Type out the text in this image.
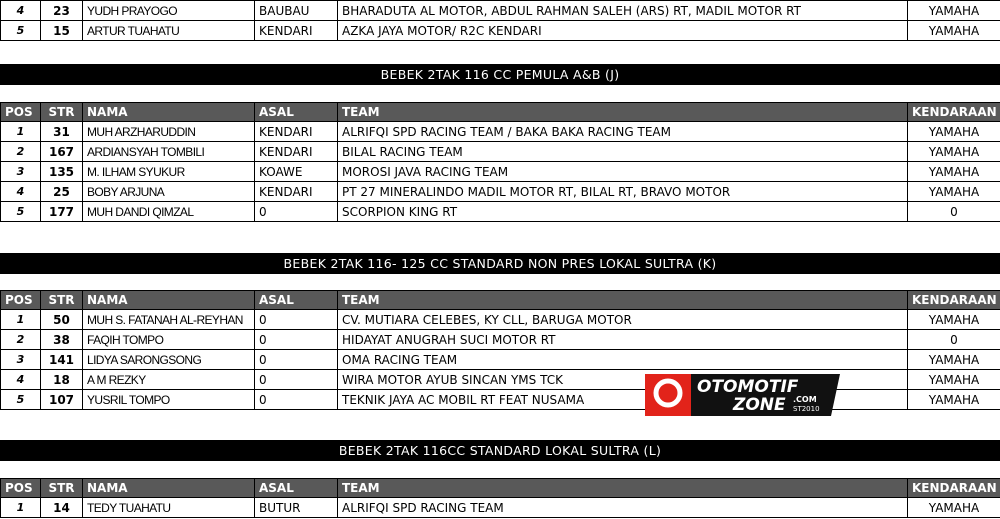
4	23	YUDH PRAYOGO	BAUBAU	BHARADUTA AL MOTOR, ABDUL RAHMAN SALEH (ARS) RT, MADIL MOTOR RT	YAMAHA
5	15	ARTUR TUAHATU	KENDARI	AZKA JAYA MOTOR/ R2C KENDARI	YAMAHA
BEBEK 2TAK 116 CC PEMULA A&B (J)
POS	STR	NAMA	ASAL	TEAM	KENDARAAN
1	31	MUH ARZHARUDDIN	KENDARI	ALRIFQI SPD RACING TEAM / BAKA BAKA RACING TEAM	YAMAHA
2	167	ARDIANSYAH TOMBILI	KENDARI	BILAL RACING TEAM	YAMAHA
3	135	M. ILHAM SYUKUR	KOAWE	MOROSI JAVA RACING TEAM	YAMAHA
4	25	BOBY ARJUNA	KENDARI	PT 27 MINERALINDO MADIL MOTOR RT, BILAL RT, BRAVO MOTOR	YAMAHA
5	177	MUH DANDI QIMZAL	0	SCORPION KING RT	0
BEBEK 2TAK 116- 125 CC STANDARD NON PRES LOKAL SULTRA (K)
POS	STR	NAMA	ASAL	TEAM	KENDARAAN
1	50	MUH S. FATANAH AL-REYHAN	0	CV. MUTIARA CELEBES, KY CLL, BARUGA MOTOR	YAMAHA
2	38	FAQIH TOMPO	0	HIDAYAT ANUGRAH SUCI MOTOR RT	0
3	141	LIDYA SARONGSONG	0	OMA RACING TEAM	YAMAHA
4	18	A M REZKY	0	WIRA MOTOR AYUB SINCAN YMS TCK	YAMAHA
5	107	YUSRIL TOMPO	0	TEKNIK JAYA AC MOBIL RT FEAT NUSAMA	YAMAHA
BEBEK 2TAK 116CC STANDARD LOKAL SULTRA (L)
POS	STR	NAMA	ASAL	TEAM	KENDARAAN
1	14	TEDY TUAHATU	BUTUR	ALRIFQI SPD RACING TEAM	YAMAHA
OTOMOTIF
ZONE .COM
ST2010
